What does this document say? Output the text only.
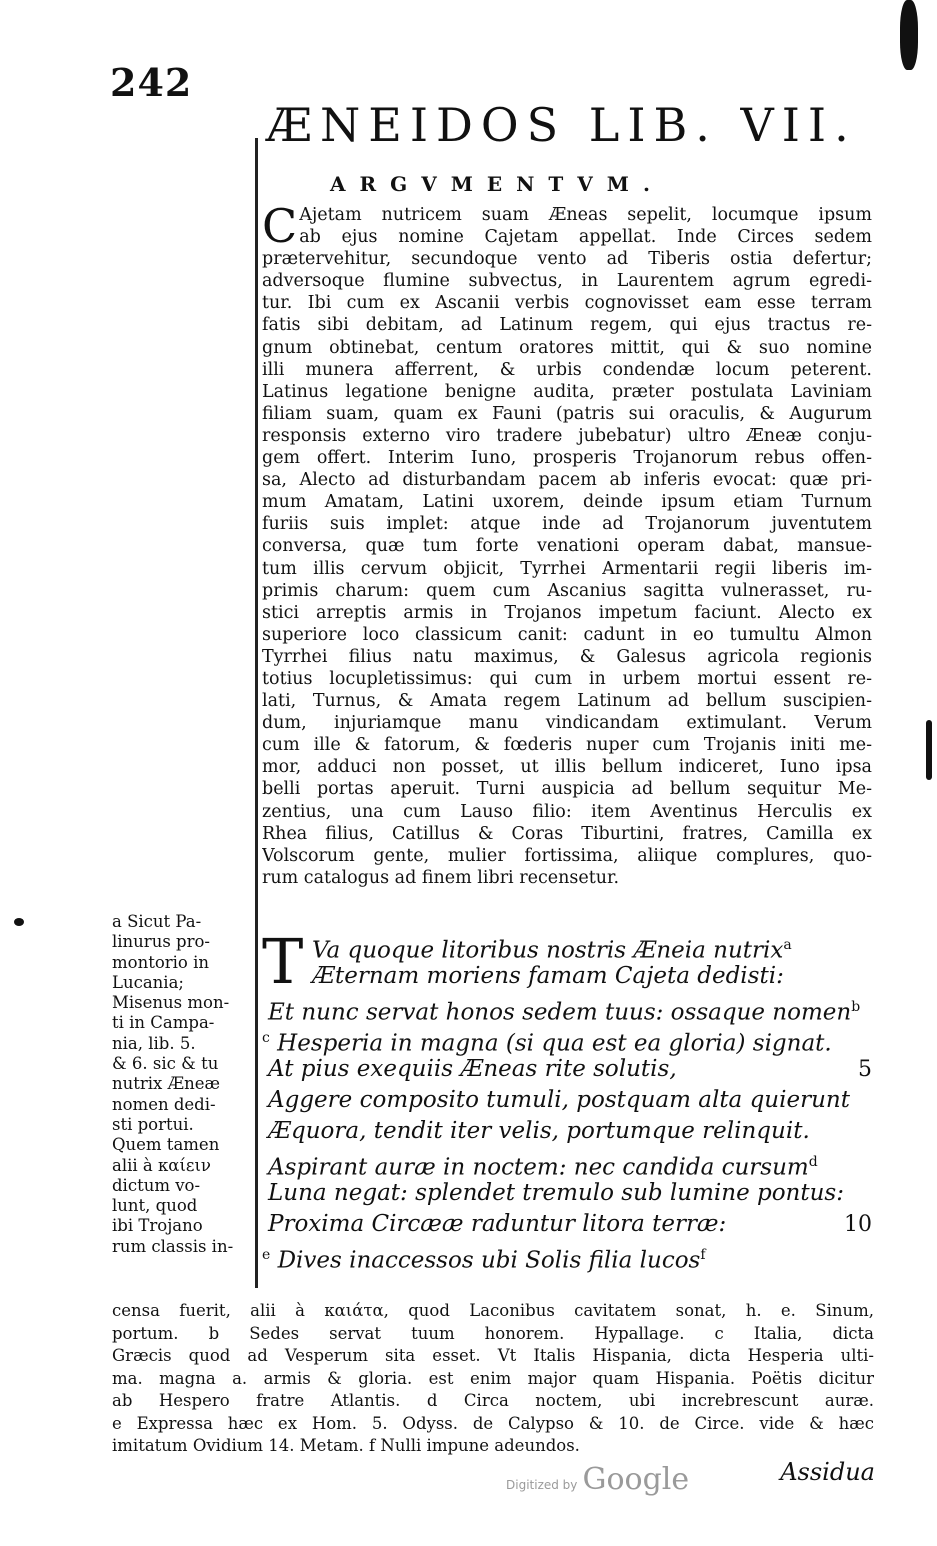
242
ÆNEIDOS LIB. VII.
ARGVMENTVM.
C Ajetam nutricem suam Æneas sepelit, locumque ipsum
ab ejus nomine Cajetam appellat. Inde Circes sedem
prætervehitur, secundoque vento ad Tiberis ostia defertur;
adversoque flumine subvectus, in Laurentem agrum egredi-
tur. Ibi cum ex Ascanii verbis cognovisset eam esse terram
fatis sibi debitam, ad Latinum regem, qui ejus tractus re-
gnum obtinebat, centum oratores mittit, qui & suo nomine
illi munera afferrent, & urbis condendæ locum peterent.
Latinus legatione benigne audita, præter postulata Laviniam
filiam suam, quam ex Fauni (patris sui oraculis, & Augurum
responsis externo viro tradere jubebatur) ultro Æneæ conju-
gem offert. Interim Iuno, prosperis Trojanorum rebus offen-
sa, Alecto ad disturbandam pacem ab inferis evocat: quæ pri-
mum Amatam, Latini uxorem, deinde ipsum etiam Turnum
furiis suis implet: atque inde ad Trojanorum juventutem
conversa, quæ tum forte venationi operam dabat, mansue-
tum illis cervum objicit, Tyrrhei Armentarii regii liberis im-
primis charum: quem cum Ascanius sagitta vulnerasset, ru-
stici arreptis armis in Trojanos impetum faciunt. Alecto ex
superiore loco classicum canit: cadunt in eo tumultu Almon
Tyrrhei filius natu maximus, & Galesus agricola regionis
totius locupletissimus: qui cum in urbem mortui essent re-
lati, Turnus, & Amata regem Latinum ad bellum suscipien-
dum, injuriamque manu vindicandam extimulant. Verum
cum ille & fatorum, & fœderis nuper cum Trojanis initi me-
mor, adduci non posset, ut illis bellum indiceret, Iuno ipsa
belli portas aperuit. Turni auspicia ad bellum sequitur Me-
zentius, una cum Lauso filio: item Aventinus Herculis ex
Rhea filius, Catillus & Coras Tiburtini, fratres, Camilla ex
Volscorum gente, mulier fortissima, aliique complures, quo-
rum catalogus ad finem libri recensetur.
a Sicut Pa-
linurus pro-
montorio in
Lucania;
Misenus mon-
ti in Campa-
nia, lib. 5.
& 6. sic & tu
nutrix Æneæ
nomen dedi-
sti portui.
Quem tamen
alii à καίειν
dictum vo-
lunt, quod
ibi Trojano
rum classis in-
T Va quoque litoribus nostris Æneia nutrix$^a$
Æternam moriens famam Cajeta dedisti:
Et nunc servat honos sedem tuus: ossaque nomen$^b$
$^c$ Hesperia in magna (si qua est ea gloria) signat.
At pius exequiis Æneas rite solutis,	5
Aggere composito tumuli, postquam alta quierunt
Æquora, tendit iter velis, portumque relinquit.
Aspirant auræ in noctem: nec candida cursum$^d$
Luna negat: splendet tremulo sub lumine pontus:
Proxima Circææ raduntur litora terræ:	10
$^e$ Dives inaccessos ubi Solis filia lucos$^f$
censa fuerit, alii à καιάτα, quod Laconibus cavitatem sonat, h. e. Sinum,
portum. b Sedes servat tuum honorem. Hypallage. c Italia, dicta
Græcis quod ad Vesperum sita esset. Vt Italis Hispania, dicta Hesperia ulti-
ma. magna a. armis & gloria. est enim major quam Hispania. Poëtis dicitur
ab Hespero fratre Atlantis. d Circa noctem, ubi increbrescunt auræ.
e Expressa hæc ex Hom. 5. Odyss. de Calypso & 10. de Circe. vide & hæc
imitatum Ovidium 14. Metam. f Nulli impune adeundos.
Assidua
Digitized by Google
